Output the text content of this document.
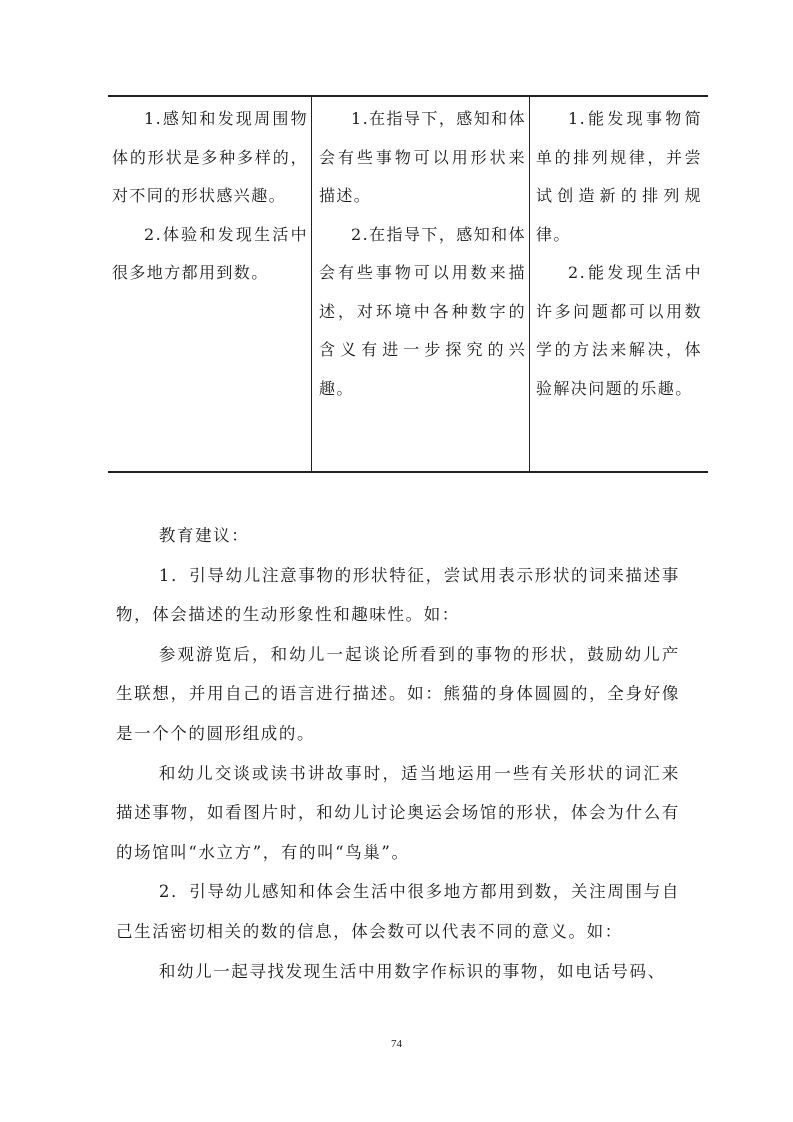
1.感知和发现周围物体的形状是多种多样的，对不同的形状感兴趣。

2.体验和发现生活中很多地方都用到数。

1.在指导下，感知和体会有些事物可以用形状来描述。

2.在指导下，感知和体会有些事物可以用数来描述，对环境中各种数字的含义有进一步探究的兴趣。

1.能发现事物简单的排列规律，并尝试创造新的排列规律。

2.能发现生活中许多问题都可以用数学的方法来解决，体验解决问题的乐趣。

教育建议：

1．引导幼儿注意事物的形状特征，尝试用表示形状的词来描述事物，体会描述的生动形象性和趣味性。如：

参观游览后，和幼儿一起谈论所看到的事物的形状，鼓励幼儿产生联想，并用自己的语言进行描述。如：熊猫的身体圆圆的，全身好像是一个个的圆形组成的。

和幼儿交谈或读书讲故事时，适当地运用一些有关形状的词汇来描述事物，如看图片时，和幼儿讨论奥运会场馆的形状，体会为什么有的场馆叫“水立方”，有的叫“鸟巢”。

2．引导幼儿感知和体会生活中很多地方都用到数，关注周围与自己生活密切相关的数的信息，体会数可以代表不同的意义。如：

和幼儿一起寻找发现生活中用数字作标识的事物，如电话号码、

74
